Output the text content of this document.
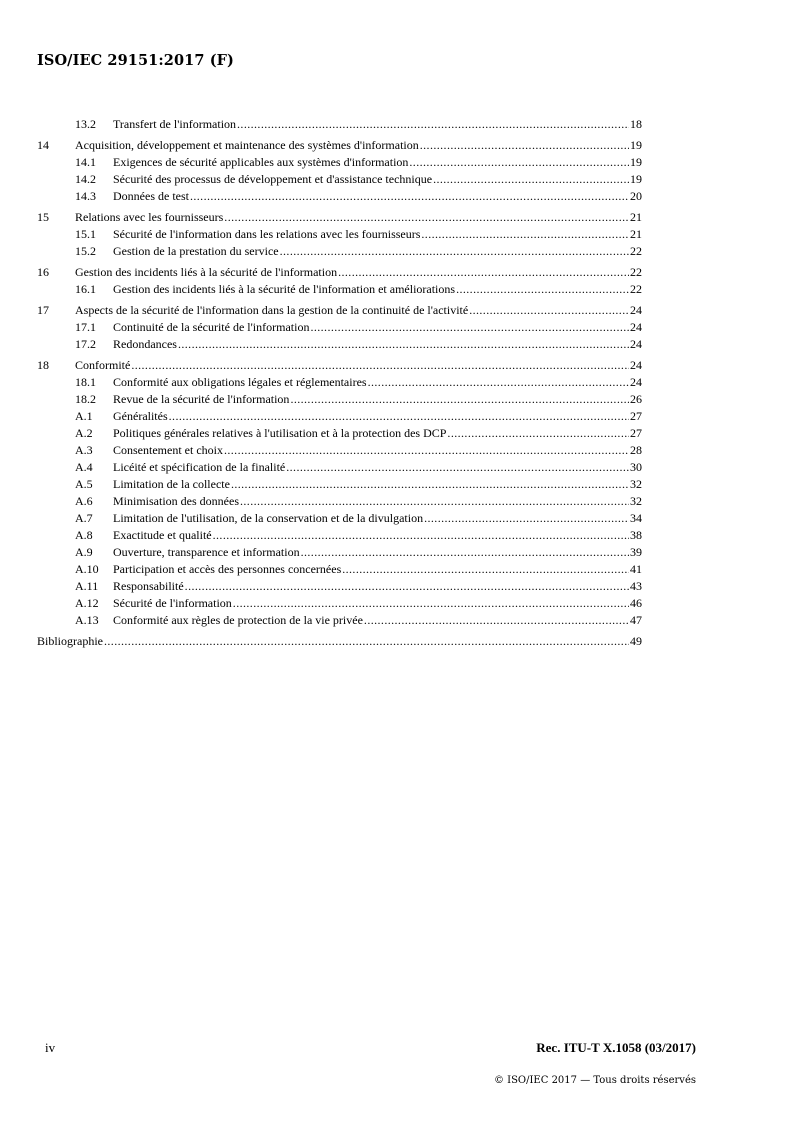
ISO/IEC 29151:2017 (F)
13.2	Transfert de l'information .....	18
14	Acquisition, développement et maintenance des systèmes d'information .....	19
14.1	Exigences de sécurité applicables aux systèmes d'information .....	19
14.2	Sécurité des processus de développement et d'assistance technique .....	19
14.3	Données de test .....	20
15	Relations avec les fournisseurs .....	21
15.1	Sécurité de l'information dans les relations avec les fournisseurs .....	21
15.2	Gestion de la prestation du service .....	22
16	Gestion des incidents liés à la sécurité de l'information .....	22
16.1	Gestion des incidents liés à la sécurité de l'information et améliorations .....	22
17	Aspects de la sécurité de l'information dans la gestion de la continuité de l'activité .....	24
17.1	Continuité de la sécurité de l'information .....	24
17.2	Redondances .....	24
18	Conformité .....	24
18.1	Conformité aux obligations légales et réglementaires .....	24
18.2	Revue de la sécurité de l'information .....	26
A.1	Généralités .....	27
A.2	Politiques générales relatives à l'utilisation et à la protection des DCP .....	27
A.3	Consentement et choix .....	28
A.4	Licéité et spécification de la finalité .....	30
A.5	Limitation de la collecte .....	32
A.6	Minimisation des données .....	32
A.7	Limitation de l'utilisation, de la conservation et de la divulgation .....	34
A.8	Exactitude et qualité .....	38
A.9	Ouverture, transparence et information .....	39
A.10	Participation et accès des personnes concernées .....	41
A.11	Responsabilité .....	43
A.12	Sécurité de l'information .....	46
A.13	Conformité aux règles de protection de la vie privée .....	47
Bibliographie .....	49
iv	Rec. ITU-T X.1058 (03/2017)
© ISO/IEC 2017 — Tous droits réservés
